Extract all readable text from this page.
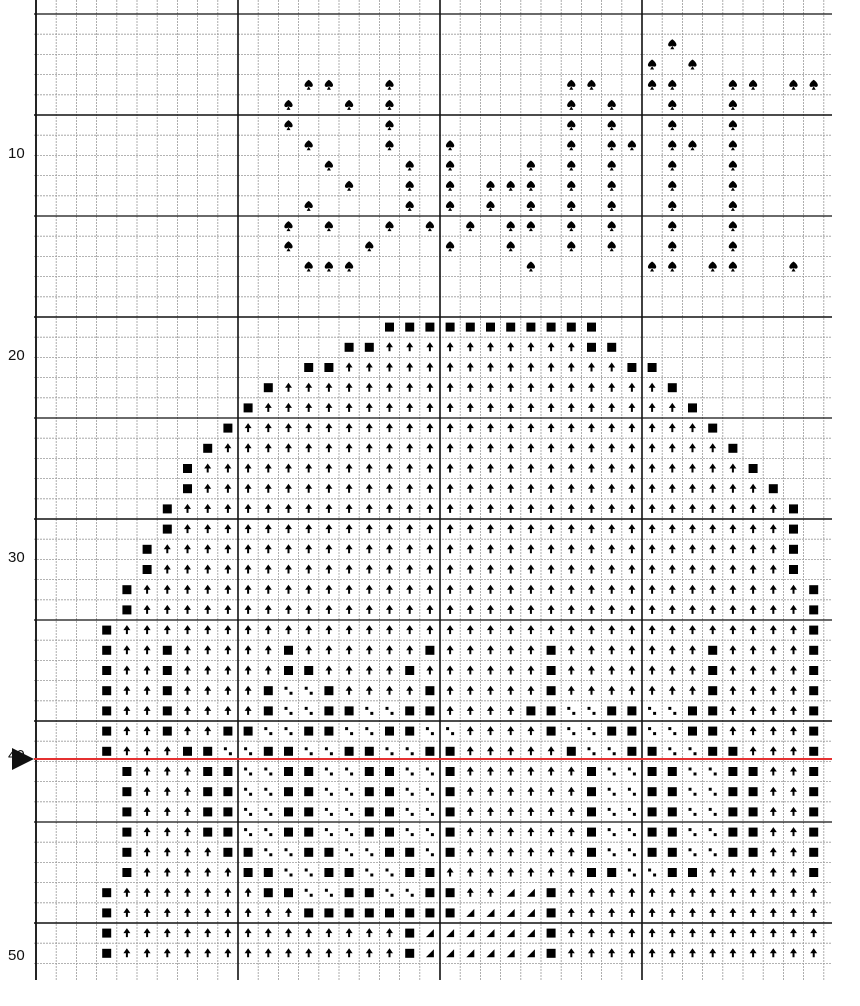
10
20
30
40
50
